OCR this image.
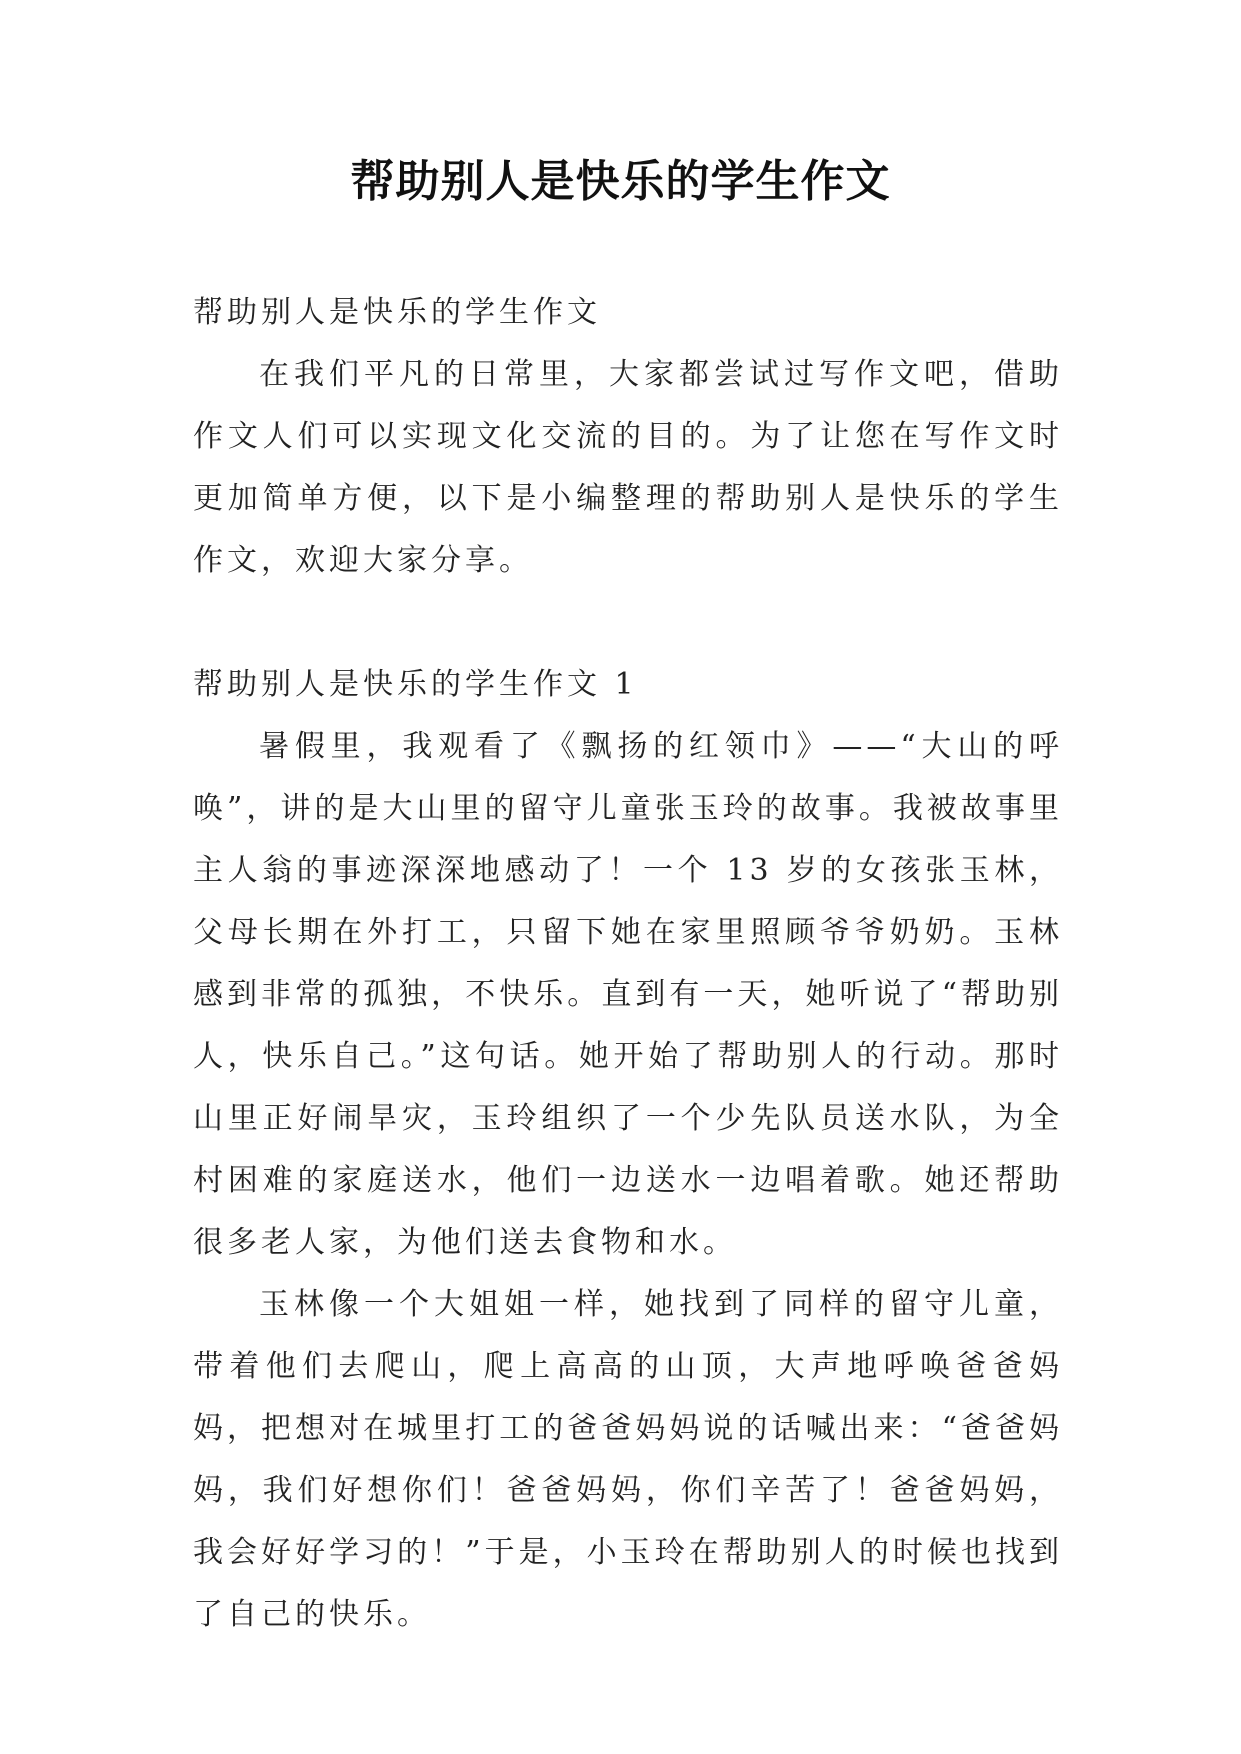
帮助别人是快乐的学生作文

帮助别人是快乐的学生作文

在我们平凡的日常里，大家都尝试过写作文吧，借助作文人们可以实现文化交流的目的。为了让您在写作文时更加简单方便，以下是小编整理的帮助别人是快乐的学生作文，欢迎大家分享。

帮助别人是快乐的学生作文 1

暑假里，我观看了《飘扬的红领巾》——“大山的呼唤”，讲的是大山里的留守儿童张玉玲的故事。我被故事里主人翁的事迹深深地感动了！一个 13 岁的女孩张玉林，父母长期在外打工，只留下她在家里照顾爷爷奶奶。玉林感到非常的孤独，不快乐。直到有一天，她听说了“帮助别人，快乐自己。”这句话。她开始了帮助别人的行动。那时山里正好闹旱灾，玉玲组织了一个少先队员送水队，为全村困难的家庭送水，他们一边送水一边唱着歌。她还帮助很多老人家，为他们送去食物和水。

玉林像一个大姐姐一样，她找到了同样的留守儿童，带着他们去爬山，爬上高高的山顶，大声地呼唤爸爸妈妈，把想对在城里打工的爸爸妈妈说的话喊出来：“爸爸妈妈，我们好想你们！爸爸妈妈，你们辛苦了！爸爸妈妈，我会好好学习的！”于是，小玉玲在帮助别人的时候也找到了自己的快乐。
